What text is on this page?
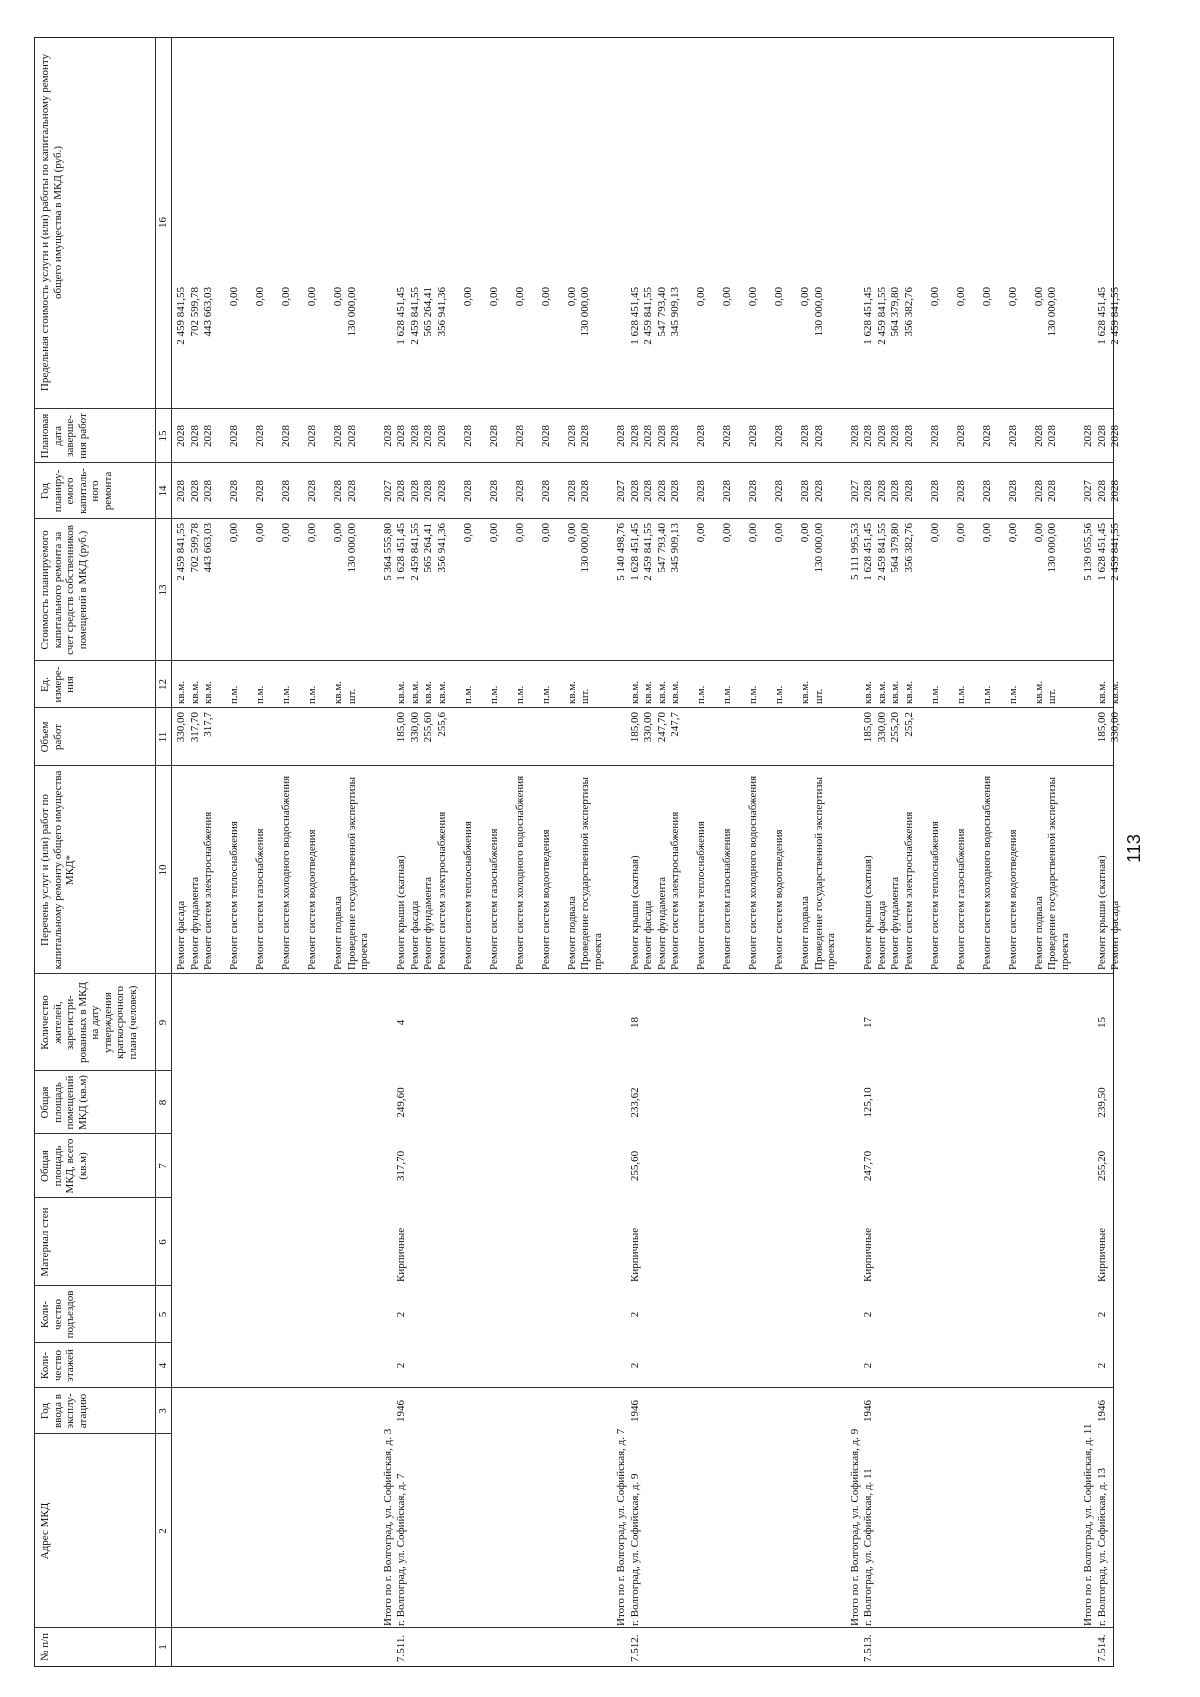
113
№ п/п
Адрес МКД
Год ввода в эксплу- атацию
Коли- чество этажей
Коли- чество подъездов
Материал стен
Общая площадь МКД, всего (кв.м)
Общая площадь помещений МКД (кв.м)
Количество жителей, зарегистри- рованных в МКД на дату утверждения краткосрочного плана (человек)
Перечень услуг и (или) работ по капитальному ремонту общего имущества МКД*
Объем работ
Ед. измере- ния
Стоимость планируемого капитального ремонта за счет средств собственников помещений в МКД (руб.)
Год планиру- емого капиталь- ного ремонта
Плановая дата заверше- ния работ
Предельная стоимость услуги и (или) работы по капитальному ремонту общего имущества в МКД (руб.)
1
2
3
4
5
6
7
8
9
10
11
12
13
14
15
16
Ремонт фасада
330,00
кв.м.
2 459 841,55
2028
2028
2 459 841,55
Ремонт фундамента
317,70
кв.м.
702 599,78
2028
2028
702 599,78
Ремонт систем электроснабжения
317,7
кв.м.
443 663,03
2028
2028
443 663,03
Ремонт систем теплоснабжения
п.м.
0,00
2028
2028
0,00
Ремонт систем газоснабжения
п.м.
0,00
2028
2028
0,00
Ремонт систем холодного водоснабжения
п.м.
0,00
2028
2028
0,00
Ремонт систем водоотведения
п.м.
0,00
2028
2028
0,00
Ремонт подвала
кв.м.
0,00
2028
2028
0,00
Проведение государственной экспертизы проекта
шт.
130 000,00
2028
2028
130 000,00
Итого по г. Волгоград, ул. Софийская, д. 3
5 364 555,80
2027
2028
7.511.
г. Волгоград, ул. Софийская, д. 7
1946
2
2
Кирпичные
317,70
249,60
4
Ремонт крыши (скатная)
185,00
кв.м.
1 628 451,45
2028
2028
1 628 451,45
Ремонт фасада
330,00
кв.м.
2 459 841,55
2028
2028
2 459 841,55
Ремонт фундамента
255,60
кв.м.
565 264,41
2028
2028
565 264,41
Ремонт систем электроснабжения
255,6
кв.м.
356 941,36
2028
2028
356 941,36
Ремонт систем теплоснабжения
п.м.
0,00
2028
2028
0,00
Ремонт систем газоснабжения
п.м.
0,00
2028
2028
0,00
Ремонт систем холодного водоснабжения
п.м.
0,00
2028
2028
0,00
Ремонт систем водоотведения
п.м.
0,00
2028
2028
0,00
Ремонт подвала
кв.м.
0,00
2028
2028
0,00
Проведение государственной экспертизы проекта
шт.
130 000,00
2028
2028
130 000,00
Итого по г. Волгоград, ул. Софийская, д. 7
5 140 498,76
2027
2028
7.512.
г. Волгоград, ул. Софийская, д. 9
1946
2
2
Кирпичные
255,60
233,62
18
Ремонт крыши (скатная)
185,00
кв.м.
1 628 451,45
2028
2028
1 628 451,45
Ремонт фасада
330,00
кв.м.
2 459 841,55
2028
2028
2 459 841,55
Ремонт фундамента
247,70
кв.м.
547 793,40
2028
2028
547 793,40
Ремонт систем электроснабжения
247,7
кв.м.
345 909,13
2028
2028
345 909,13
Ремонт систем теплоснабжения
п.м.
0,00
2028
2028
0,00
Ремонт систем газоснабжения
п.м.
0,00
2028
2028
0,00
Ремонт систем холодного водоснабжения
п.м.
0,00
2028
2028
0,00
Ремонт систем водоотведения
п.м.
0,00
2028
2028
0,00
Ремонт подвала
кв.м.
0,00
2028
2028
0,00
Проведение государственной экспертизы проекта
шт.
130 000,00
2028
2028
130 000,00
Итого по г. Волгоград, ул. Софийская, д. 9
5 111 995,53
2027
2028
7.513.
г. Волгоград, ул. Софийская, д. 11
1946
2
2
Кирпичные
247,70
125,10
17
Ремонт крыши (скатная)
185,00
кв.м.
1 628 451,45
2028
2028
1 628 451,45
Ремонт фасада
330,00
кв.м.
2 459 841,55
2028
2028
2 459 841,55
Ремонт фундамента
255,20
кв.м.
564 379,80
2028
2028
564 379,80
Ремонт систем электроснабжения
255,2
кв.м.
356 382,76
2028
2028
356 382,76
Ремонт систем теплоснабжения
п.м.
0,00
2028
2028
0,00
Ремонт систем газоснабжения
п.м.
0,00
2028
2028
0,00
Ремонт систем холодного водоснабжения
п.м.
0,00
2028
2028
0,00
Ремонт систем водоотведения
п.м.
0,00
2028
2028
0,00
Ремонт подвала
кв.м.
0,00
2028
2028
0,00
Проведение государственной экспертизы проекта
шт.
130 000,00
2028
2028
130 000,00
Итого по г. Волгоград, ул. Софийская, д. 11
5 139 055,56
2027
2028
7.514.
г. Волгоград, ул. Софийская, д. 13
1946
2
2
Кирпичные
255,20
239,50
15
Ремонт крыши (скатная)
185,00
кв.м.
1 628 451,45
2028
2028
1 628 451,45
Ремонт фасада
330,00
кв.м.
2 459 841,55
2028
2028
2 459 841,55
